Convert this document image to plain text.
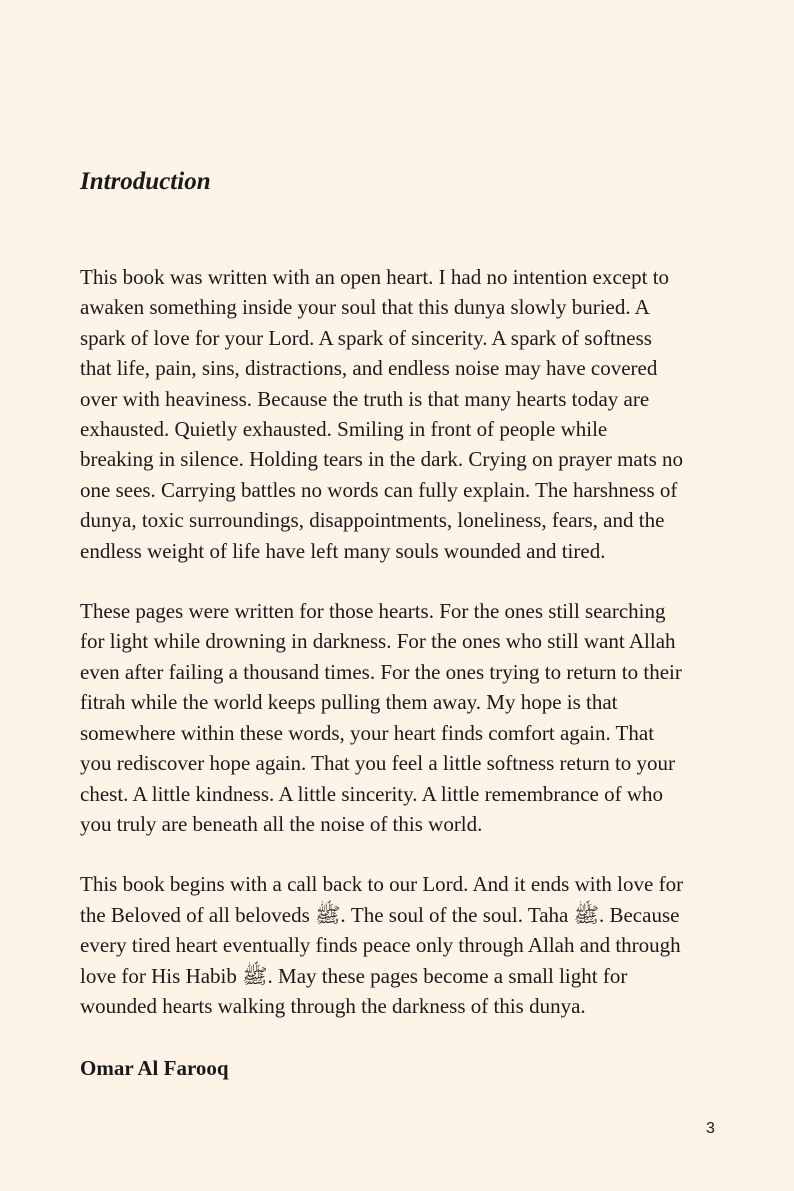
Introduction

This book was written with an open heart. I had no intention except to
awaken something inside your soul that this dunya slowly buried. A
spark of love for your Lord. A spark of sincerity. A spark of softness
that life, pain, sins, distractions, and endless noise may have covered
over with heaviness. Because the truth is that many hearts today are
exhausted. Quietly exhausted. Smiling in front of people while
breaking in silence. Holding tears in the dark. Crying on prayer mats no
one sees. Carrying battles no words can fully explain. The harshness of
dunya, toxic surroundings, disappointments, loneliness, fears, and the
endless weight of life have left many souls wounded and tired.

These pages were written for those hearts. For the ones still searching
for light while drowning in darkness. For the ones who still want Allah
even after failing a thousand times. For the ones trying to return to their
fitrah while the world keeps pulling them away. My hope is that
somewhere within these words, your heart finds comfort again. That
you rediscover hope again. That you feel a little softness return to your
chest. A little kindness. A little sincerity. A little remembrance of who
you truly are beneath all the noise of this world.

This book begins with a call back to our Lord. And it ends with love for
the Beloved of all beloveds ﷺ. The soul of the soul. Taha ﷺ. Because
every tired heart eventually finds peace only through Allah and through
love for His Habib ﷺ. May these pages become a small light for
wounded hearts walking through the darkness of this dunya.

Omar Al Farooq

3
